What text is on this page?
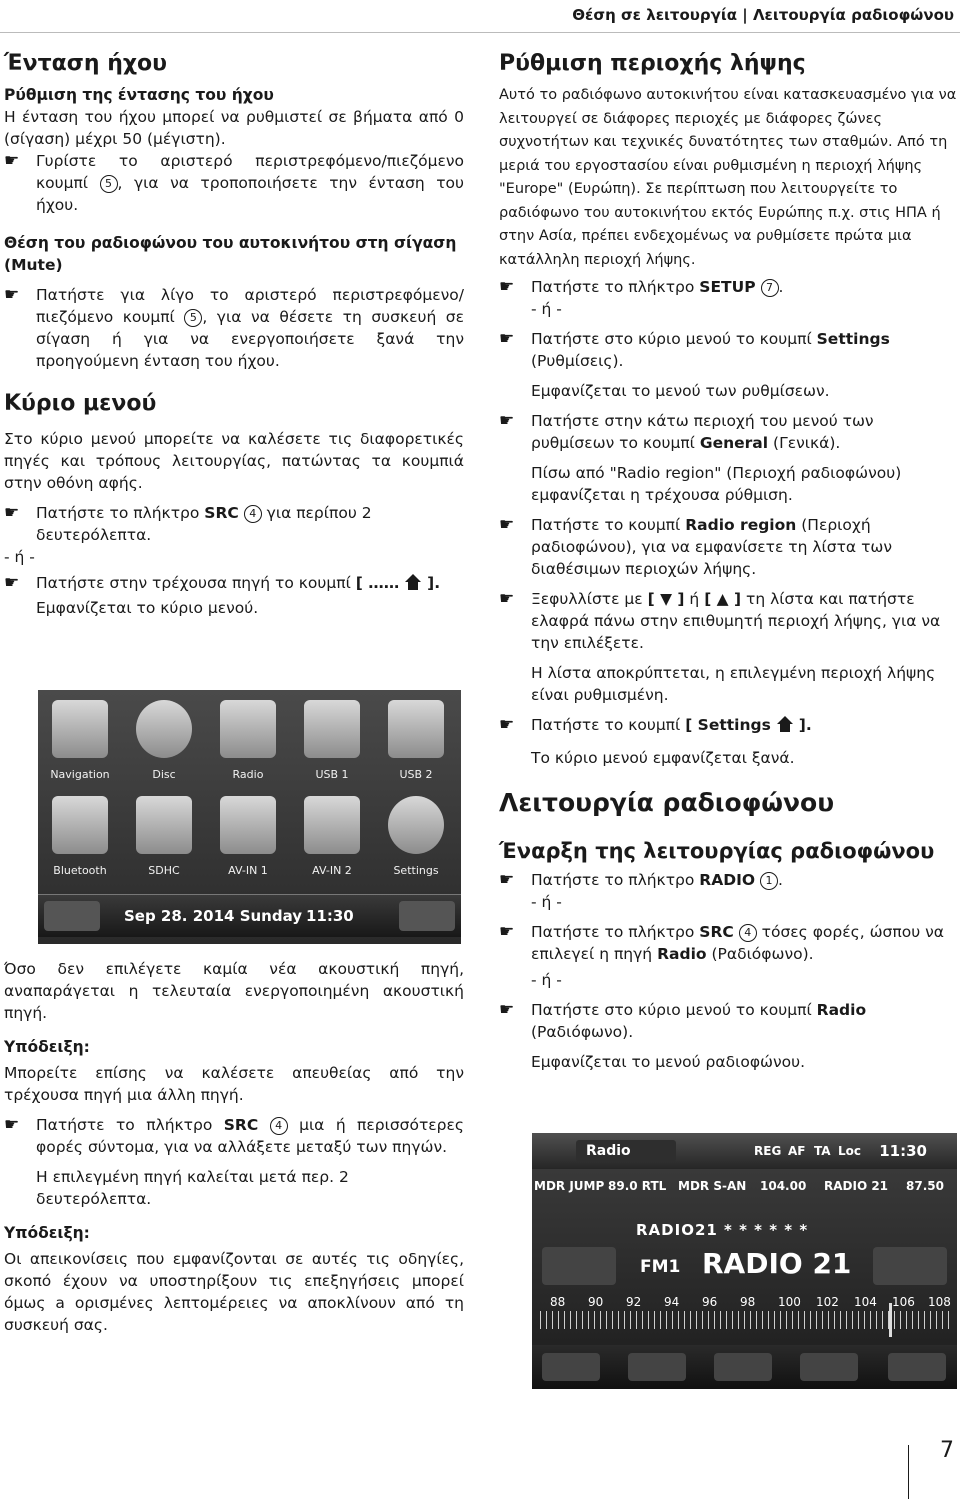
Θέση σε λειτουργία | Λειτουργία ραδιοφώνου
Ένταση ήχου
Ρύθμιση της έντασης του ήχου

Η ένταση του ήχου μπορεί να ρυθμιστεί σε βήματα από 0 (σίγαση) μέχρι 50 (μέγιστη).

☛ Γυρίστε το αριστερό περιστρεφόμενο/πιεζόμενο κουμπί 5 , για να τροποποιήσετε την ένταση του ήχου.
Θέση του ραδιοφώνου του αυτοκινήτου στη σίγαση (Mute)
☛ Πατήστε για λίγο το αριστερό περιστρεφόμενο/ πιεζόμενο κουμπί 5 , για να θέσετε τη συσκευή σε σίγαση ή για να ενεργοποιήσετε ξανά την προηγούμενη ένταση του ήχου.
Κύριο μενού

Στο κύριο μενού μπορείτε να καλέσετε τις διαφορετικές πηγές και τρόπους λειτουργίας, πατώντας τα κουμπιά στην οθόνη αφής.

☛ Πατήστε το πλήκτρο SRC 4 για περίπου 2 δευτερόλεπτα.
- ή -
☛ Πατήστε στην τρέχουσα πηγή το κουμπί [ …… ].
Εμφανίζεται το κύριο μενού.
Navigation	Disc	Radio	USB 1	USB 2
Bluetooth	SDHC	AV-IN 1	AV-IN 2	Settings
Sep 28. 2014 Sunday 11:30

Όσο δεν επιλέγετε καμία νέα ακουστική πηγή, αναπαράγεται η τελευταία ενεργοποιημένη ακουστική πηγή.

Υπόδειξη:

Μπορείτε επίσης να καλέσετε απευθείας από την τρέχουσα πηγή μια άλλη πηγή.

☛ Πατήστε το πλήκτρο SRC 4 μια ή περισσότερες φορές σύντομα, για να αλλάξετε μεταξύ των πηγών.
Η επιλεγμένη πηγή καλείται μετά περ. 2 δευτερόλεπτα.
Υπόδειξη:

Οι απεικονίσεις που εμφανίζονται σε αυτές τις οδηγίες, σκοπό έχουν να υποστηρίξουν τις επεξηγήσεις μπορεί όμως a ορισμένες λεπτομέρειες να αποκλίνουν από τη συσκευή σας.

Ρύθμιση περιοχής λήψης

Αυτό το ραδιόφωνο αυτοκινήτου είναι κατασκευασμένο για να λειτουργεί σε διάφορες περιοχές με διάφορες ζώνες συχνοτήτων και τεχνικές δυνατότητες των σταθμών. Από τη μεριά του εργοστασίου είναι ρυθμισμένη η περιοχή λήψης "Europe" (Ευρώπη). Σε περίπτωση που λειτουργείτε το ραδιόφωνο του αυτοκινήτου εκτός Ευρώπης π.χ. στις ΗΠΑ ή στην Ασία, πρέπει ενδεχομένως να ρυθμίσετε πρώτα μια κατάλληλη περιοχή λήψης.

☛ Πατήστε το πλήκτρο SETUP 7 .
- ή -
☛ Πατήστε στο κύριο μενού το κουμπί Settings (Ρυθμίσεις).
Εμφανίζεται το μενού των ρυθμίσεων.
☛ Πατήστε στην κάτω περιοχή του μενού των ρυθμίσεων το κουμπί General (Γενικά).
Πίσω από "Radio region" (Περιοχή ραδιοφώνου) εμφανίζεται η τρέχουσα ρύθμιση.
☛ Πατήστε το κουμπί Radio region (Περιοχή ραδιοφώνου), για να εμφανίσετε τη λίστα των διαθέσιμων περιοχών λήψης.
☛ Ξεφυλλίστε με [ ▼ ] ή [ ▲ ] τη λίστα και πατήστε ελαφρά πάνω στην επιθυμητή περιοχή λήψης, για να την επιλέξετε.
Η λίστα αποκρύπτεται, η επιλεγμένη περιοχή λήψης είναι ρυθμισμένη.
☛ Πατήστε το κουμπί [ Settings ].
Το κύριο μενού εμφανίζεται ξανά.
Λειτουργία ραδιοφώνου
Έναρξη της λειτουργίας ραδιοφώνου
☛ Πατήστε το πλήκτρο RADIO 1 .
- ή -
☛ Πατήστε το πλήκτρο SRC 4 τόσες φορές, ώσπου να επιλεγεί η πηγή Radio (Ραδιόφωνο).
- ή -
☛ Πατήστε στο κύριο μενού το κουμπί Radio (Ραδιόφωνο).
Εμφανίζεται το μενού ραδιοφώνου.
Radio	REG AF TA Loc 11:30
MDR JUMP 89.0 RTL MDR S-AN 104.00 RADIO 21 87.50
RADIO21 * * * * * *
FM1 RADIO 21
88 90 92 94 96 98 100 102 104 106 108
7
